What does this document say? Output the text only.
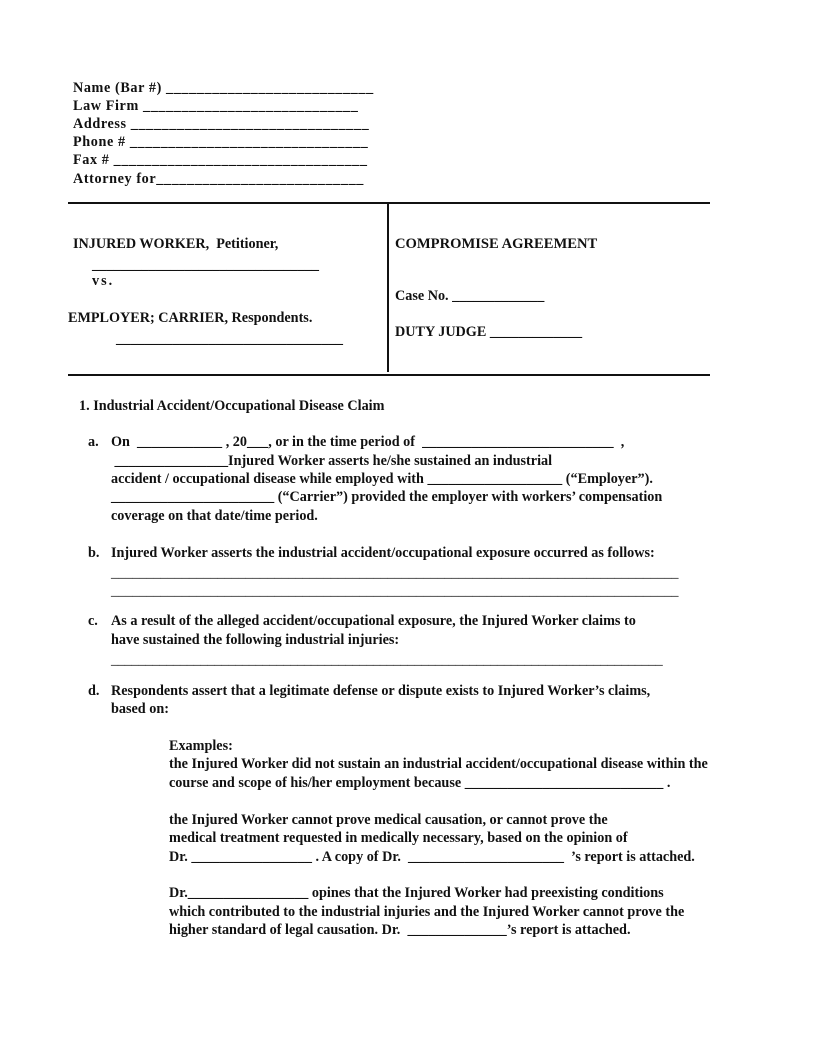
Name (Bar #) ___________________________
Law Firm ____________________________
Address _______________________________
Phone # _______________________________
Fax # _________________________________
Attorney for___________________________
INJURED WORKER,  Petitioner,
________________________________
vs.
EMPLOYER; CARRIER, Respondents.
________________________________
COMPROMISE AGREEMENT
Case No. _____________
DUTY JUDGE _____________
1. Industrial Accident/Occupational Disease Claim
a. On  ____________ , 20___, or in the time period of  ___________________________  ,
________________Injured Worker asserts he/she sustained an industrial
accident / occupational disease while employed with ___________________ (“Employer”).
_______________________ (“Carrier”) provided the employer with workers’ compensation
coverage on that date/time period.
b. Injured Worker asserts the industrial accident/occupational exposure occurred as follows:
________________________________________________________________________________
________________________________________________________________________________
c. As a result of the alleged accident/occupational exposure, the Injured Worker claims to
have sustained the following industrial injuries:
________________________________________________________________________________
d. Respondents assert that a legitimate defense or dispute exists to Injured Worker’s claims,
based on:
Examples:
the Injured Worker did not sustain an industrial accident/occupational disease within the
course and scope of his/her employment because ____________________________ .
the Injured Worker cannot prove medical causation, or cannot prove the
medical treatment requested in medically necessary, based on the opinion of
Dr. _________________ . A copy of Dr.  ______________________  ’s report is attached.
Dr._________________ opines that the Injured Worker had preexisting conditions
which contributed to the industrial injuries and the Injured Worker cannot prove the
higher standard of legal causation. Dr.  ______________’s report is attached.
